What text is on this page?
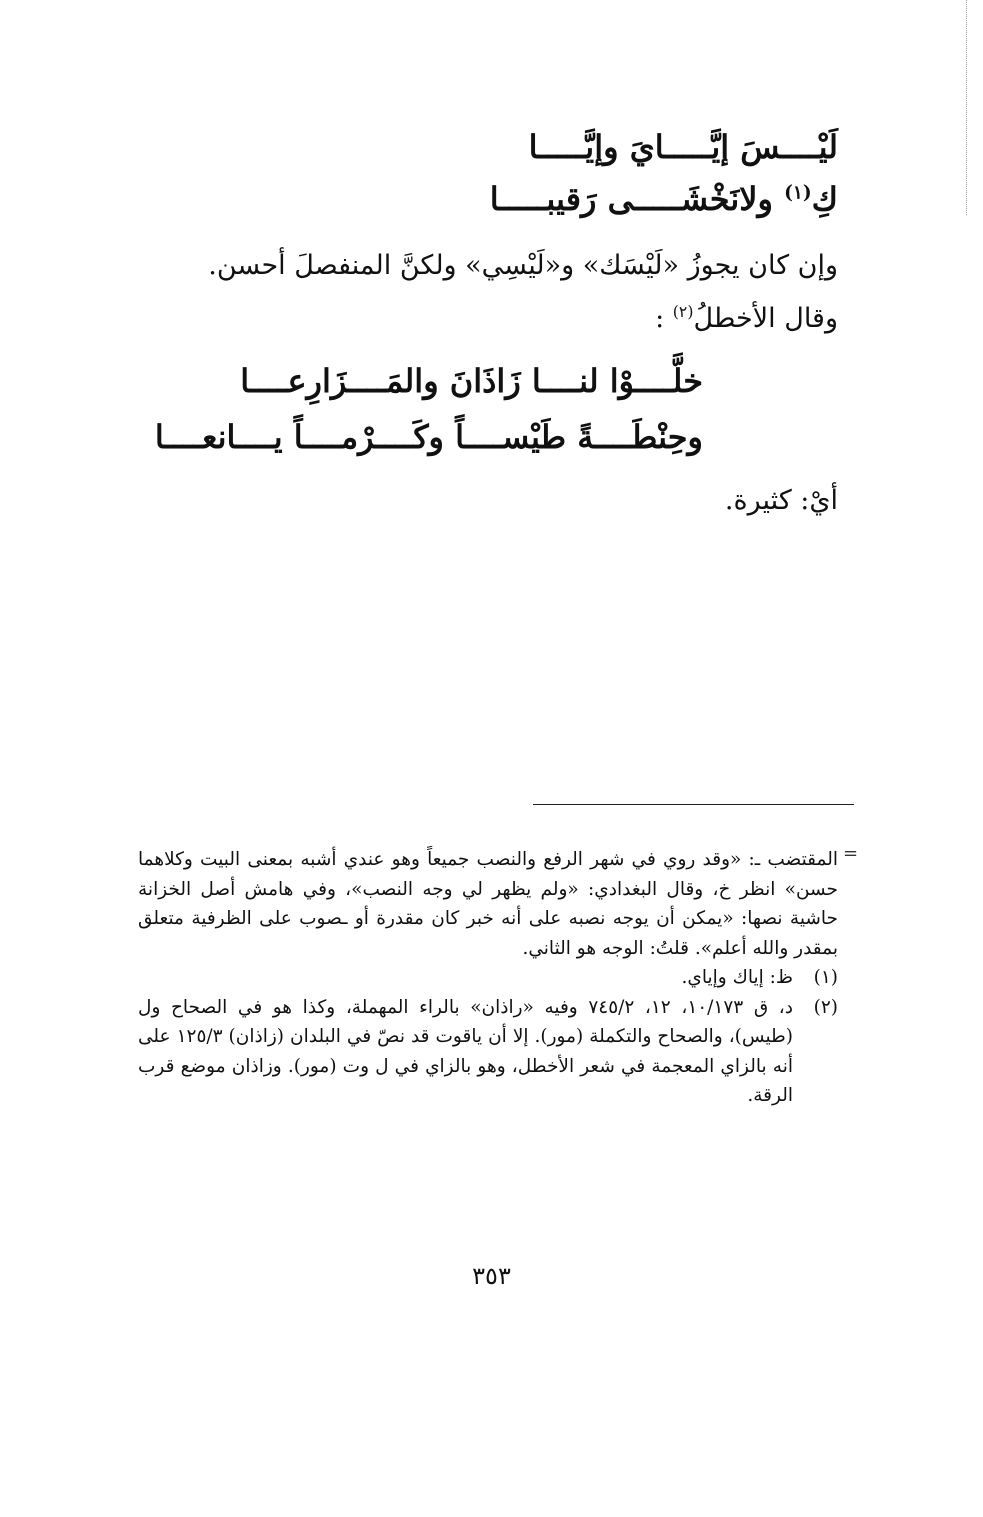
لَيْــــسَ إيَّـــــايَ وإيَّـــــا
كِ$^{(١)}$ ولانَخْشَـــــى رَقيبـــــا
وإن كان يجوزُ «لَيْسَك» و«لَيْسِي» ولكنَّ المنفصلَ أحسن.
وقال الأخطلُ$^{(٢)}$ :
خلَّــــوْا لنــــا زَاذَانَ والمَــــزَارِعــــا
وحِنْطَــــةً طَيْســــاً وكَــــرْمــــاً يــــانعــــا
أيْ: كثيرة.
=

المقتضب ـ: «وقد روي في شهر الرفع والنصب جميعاً وهو عندي أشبه بمعنى البيت وكلاهما حسن» انظر خ، وقال البغدادي: «ولم يظهر لي وجه النصب»، وفي هامش أصل الخزانة حاشية نصها: «يمكن أن يوجه نصبه على أنه خبر كان مقدرة أو ـصوب على الظرفية متعلق بمقدر والله أعلم». قلتُ: الوجه هو الثاني.

(١)
ظ: إياك وإياي.

(٢)
د، ق ١٠/١٧٣، ١٢، ٧٤٥/٢ وفيه «راذان» بالراء المهملة، وكذا هو في الصحاح ول (طيس)، والصحاح والتكملة (مور). إلا أن ياقوت قد نصّ في البلدان (زاذان) ١٢٥/٣ على أنه بالزاي المعجمة في شعر الأخطل، وهو بالزاي في ل وت (مور). وزاذان موضع قرب الرقة.

٣٥٣
